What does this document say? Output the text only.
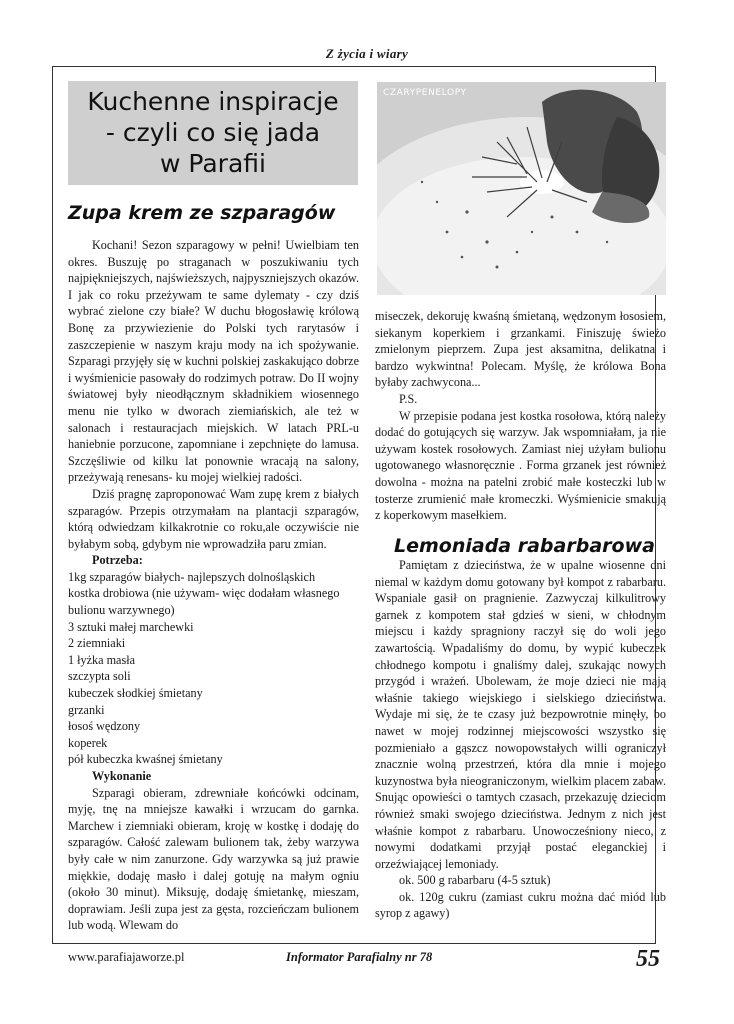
Z życia i wiary
Kuchenne inspiracje
- czyli co się jada
w Parafii
Zupa krem ze szparagów

Kochani! Sezon szparagowy w pełni! Uwielbiam ten okres. Buszuję po straganach w poszukiwaniu tych najpiękniejszych, najświeższych, najpyszniejszych okazów. I jak co roku przeżywam te same dylematy - czy dziś wybrać zielone czy białe? W duchu błogosławię królową Bonę za przywiezienie do Polski tych rarytasów i zaszczepienie w naszym kraju mody na ich spożywanie. Szparagi przyjęły się w kuchni polskiej zaskakująco dobrze i wyśmienicie pasowały do rodzimych potraw. Do II wojny światowej były nieodłącznym składnikiem wiosennego menu nie tylko w dworach ziemiańskich, ale też w salonach i restauracjach miejskich. W latach PRL-u haniebnie porzucone, zapomniane i zepchnięte do lamusa. Szczęśliwie od kilku lat ponownie wracają na salony, przeżywają renesans- ku mojej wielkiej radości.

Dziś pragnę zaproponować Wam zupę krem z białych szparagów. Przepis otrzymałam na plantacji szparagów, którą odwiedzam kilkakrotnie co roku,ale oczywiście nie byłabym sobą, gdybym nie wprowadziła paru zmian.

Potrzeba:

1kg szparagów białych- najlepszych dolnośląskich

kostka drobiowa (nie używam- więc dodałam własnego bulionu warzywnego)

3 sztuki małej marchewki

2 ziemniaki

1 łyżka masła

szczypta soli

kubeczek słodkiej śmietany

grzanki

łosoś wędzony

koperek

pół kubeczka kwaśnej śmietany

Wykonanie

Szparagi obieram, zdrewniałe końcówki odcinam, myję, tnę na mniejsze kawałki i wrzucam do garnka. Marchew i ziemniaki obieram, kroję w kostkę i dodaję do szparagów. Całość zalewam bulionem tak, żeby warzywa były całe w nim zanurzone. Gdy warzywka są już prawie miękkie, dodaję masło i dalej gotuję na małym ogniu (około 30 minut). Miksuję, dodaję śmietankę, mieszam, doprawiam. Jeśli zupa jest za gęsta, rozcieńczam bulionem lub wodą. Wlewam do

CZARYPENELOPY

miseczek, dekoruję kwaśną śmietaną, wędzonym łososiem, siekanym koperkiem i grzankami. Finiszuję świeżo zmielonym pieprzem. Zupa jest aksamitna, delikatna i bardzo wykwintna! Polecam. Myślę, że królowa Bona byłaby zachwycona...

P.S.

W przepisie podana jest kostka rosołowa, którą należy dodać do gotujących się warzyw. Jak wspomniałam, ja nie używam kostek rosołowych. Zamiast niej użyłam bulionu ugotowanego własnoręcznie . Forma grzanek jest również dowolna - można na patelni zrobić małe kosteczki lub w tosterze zrumienić małe kromeczki. Wyśmienicie smakują z koperkowym masełkiem.

Lemoniada rabarbarowa

Pamiętam z dzieciństwa, że w upalne wiosenne dni niemal w każdym domu gotowany był kompot z rabarbaru. Wspaniale gasił on pragnienie. Zazwyczaj kilkulitrowy garnek z kompotem stał gdzieś w sieni, w chłodnym miejscu i każdy spragniony raczył się do woli jego zawartością. Wpadaliśmy do domu, by wypić kubeczek chłodnego kompotu i gnaliśmy dalej, szukając nowych przygód i wrażeń. Ubolewam, że moje dzieci nie mają właśnie takiego wiejskiego i sielskiego dzieciństwa. Wydaje mi się, że te czasy już bezpowrotnie minęły, bo nawet w mojej rodzinnej miejscowości wszystko się pozmieniało a gąszcz nowopowstałych willi ograniczył znacznie wolną przestrzeń, która dla mnie i mojego kuzynostwa była nieograniczonym, wielkim placem zabaw. Snując opowieści o tamtych czasach, przekazuję dzieciom również smaki swojego dzieciństwa. Jednym z nich jest właśnie kompot z rabarbaru. Unowocześniony nieco, z nowymi dodatkami przyjął postać eleganckiej i orzeźwiającej lemoniady.

ok. 500 g rabarbaru (4-5 sztuk)

ok. 120g cukru (zamiast cukru można dać miód lub syrop z agawy)

www.parafiajaworze.pl	Informator Parafialny nr 78	55
